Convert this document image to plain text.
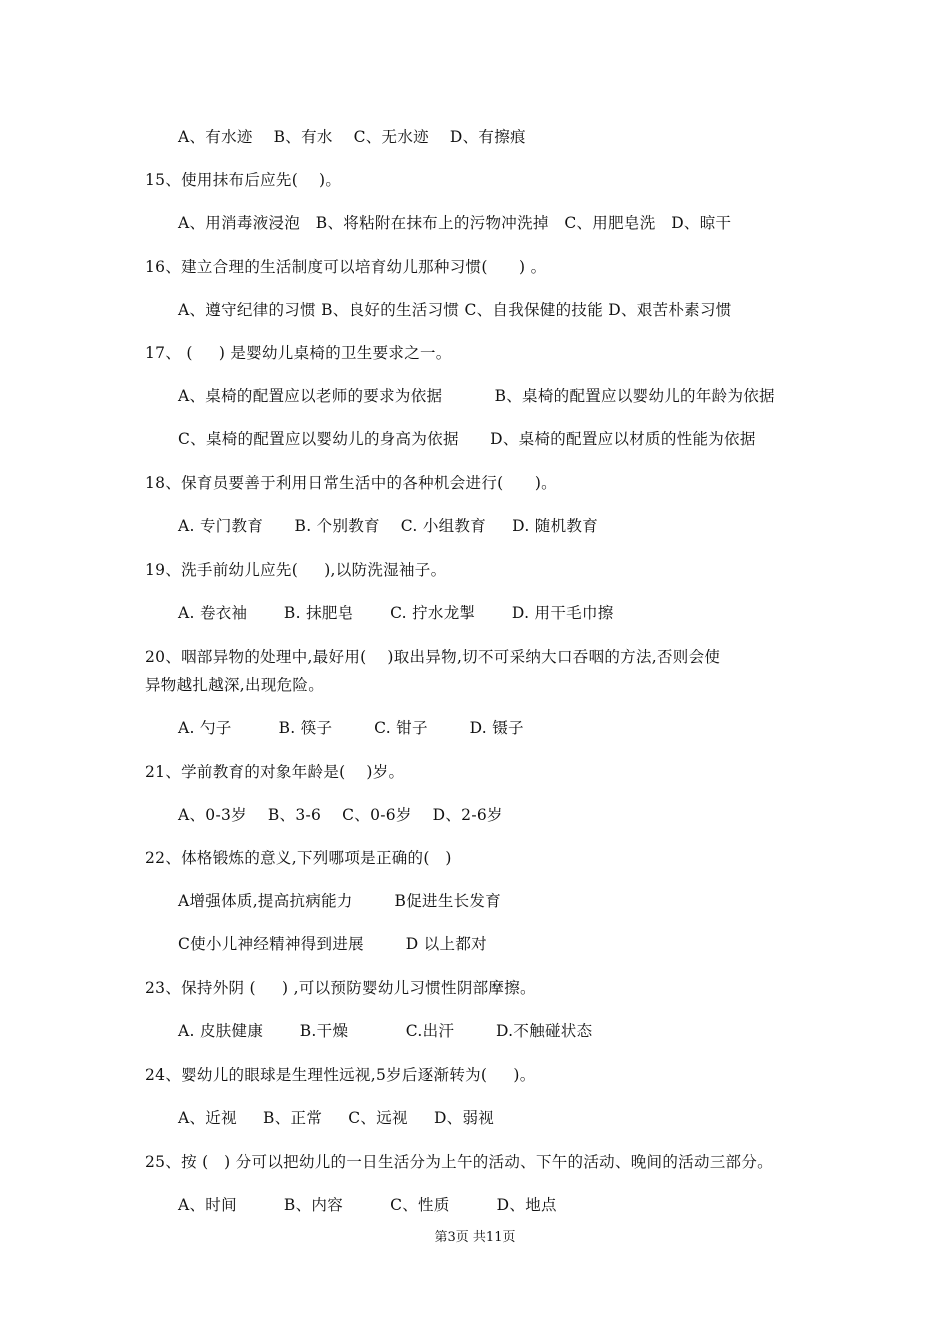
A、有水迹    B、有水    C、无水迹    D、有擦痕
15、使用抹布后应先(    )。
A、用消毒液浸泡   B、将粘附在抹布上的污物冲洗掉   C、用肥皂洗   D、晾干
16、建立合理的生活制度可以培育幼儿那种习惯(      ) 。
A、遵守纪律的习惯 B、良好的生活习惯 C、自我保健的技能 D、艰苦朴素习惯
17、 (     ) 是婴幼儿桌椅的卫生要求之一。
A、桌椅的配置应以老师的要求为依据          B、桌椅的配置应以婴幼儿的年龄为依据
C、桌椅的配置应以婴幼儿的身高为依据      D、桌椅的配置应以材质的性能为依据
18、保育员要善于利用日常生活中的各种机会进行(      )。
A. 专门教育      B. 个别教育    C. 小组教育     D. 随机教育
19、洗手前幼儿应先(     ),以防洗湿袖子。
A. 卷衣袖       B. 抹肥皂       C. 拧水龙掣       D. 用干毛巾擦
20、咽部异物的处理中,最好用(    )取出异物,切不可采纳大口吞咽的方法,否则会使
异物越扎越深,出现危险。
A. 勺子         B. 筷子        C. 钳子        D. 镊子
21、学前教育的对象年龄是(    )岁。
A、0-3岁    B、3-6    C、0-6岁    D、2-6岁
22、体格锻炼的意义,下列哪项是正确的(   )
A增强体质,提高抗病能力        B促进生长发育
C使小儿神经精神得到进展        D 以上都对
23、保持外阴 (     ) ,可以预防婴幼儿习惯性阴部摩擦。
A. 皮肤健康       B.干燥           C.出汗        D.不触碰状态
24、婴幼儿的眼球是生理性远视,5岁后逐渐转为(     )。
A、近视     B、正常     C、远视     D、弱视
25、按 (   ) 分可以把幼儿的一日生活分为上午的活动、下午的活动、晚间的活动三部分。
A、时间         B、内容         C、性质         D、地点
第3页 共11页
